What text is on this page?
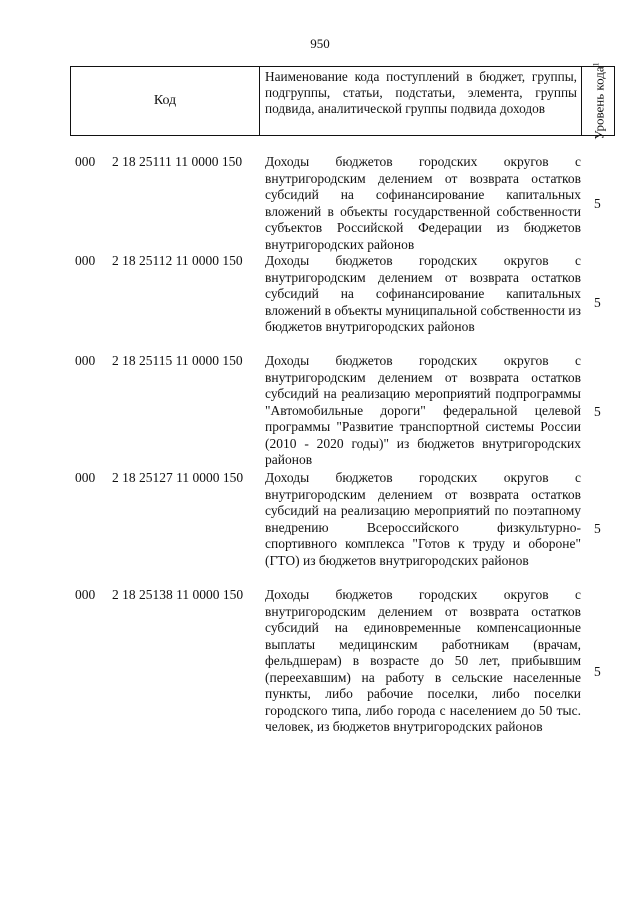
950
Код
Наименование кода поступлений в бюджет, группы, подгруппы, статьи, подстатьи, элемента, группы подвида, аналитической группы подвида доходов	Уровень кода$^1$
000 2 18 25111 11 0000 150 Доходы бюджетов городских округов с внутригородским делением от возврата остатков субсидий на софинансирование капитальных вложений в объекты государственной собственности субъектов Российской Федерации из бюджетов внутригородских районов
5
000 2 18 25112 11 0000 150 Доходы бюджетов городских округов с внутригородским делением от возврата остатков субсидий на софинансирование капитальных вложений в объекты муниципальной собственности из бюджетов внутригородских районов
5
000 2 18 25115 11 0000 150 Доходы бюджетов городских округов с внутригородским делением от возврата остатков субсидий на реализацию мероприятий подпрограммы "Автомобильные дороги" федеральной целевой программы "Развитие транспортной системы России (2010 - 2020 годы)" из бюджетов внутригородских районов
5
000 2 18 25127 11 0000 150 Доходы бюджетов городских округов с внутригородским делением от возврата остатков субсидий на реализацию мероприятий по поэтапному внедрению Всероссийского физкультурно-спортивного комплекса "Готов к труду и обороне" (ГТО) из бюджетов внутригородских районов
5
000 2 18 25138 11 0000 150 Доходы бюджетов городских округов с внутригородским делением от возврата остатков субсидий на единовременные компенсационные выплаты медицинским работникам (врачам, фельдшерам) в возрасте до 50 лет, прибывшим (переехавшим) на работу в сельские населенные пункты, либо рабочие поселки, либо поселки городского типа, либо города с населением до 50 тыс. человек, из бюджетов внутригородских районов
5
